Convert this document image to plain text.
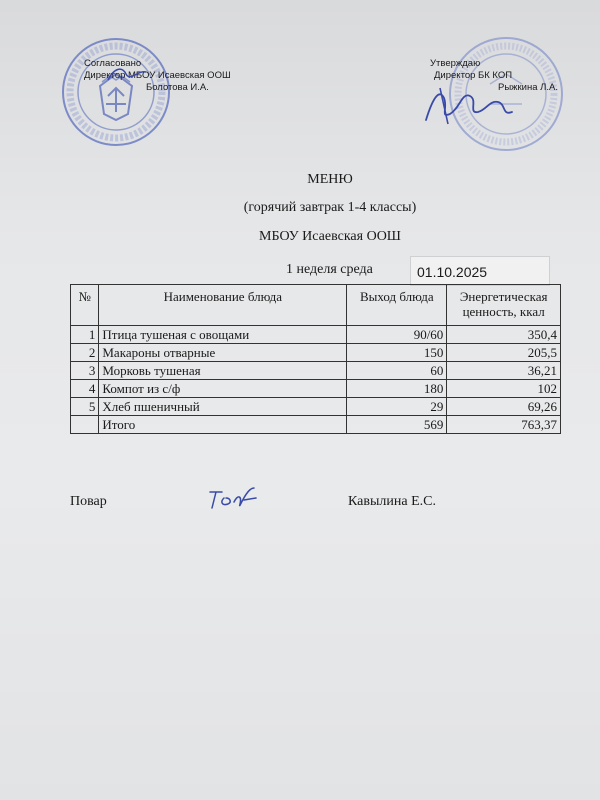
Согласовано
Директор МБОУ Исаевская ООШ
Болотова И.А.
Утверждаю
Директор БК КОП
Рыжкина Л.А.
МЕНЮ
(горячий завтрак 1-4 классы)
МБОУ Исаевская ООШ
1 неделя среда	01.10.2025
№	Наименование блюда	Выход блюда	Энергетическая ценность, ккал
1	Птица тушеная с овощами	90/60	350,4
2	Макароны отварные	150	205,5
3	Морковь тушеная	60	36,21
4	Компот из с/ф	180	102
5	Хлеб пшеничный	29	69,26
	Итого	569	763,37
Повар	Кавылина Е.С.
